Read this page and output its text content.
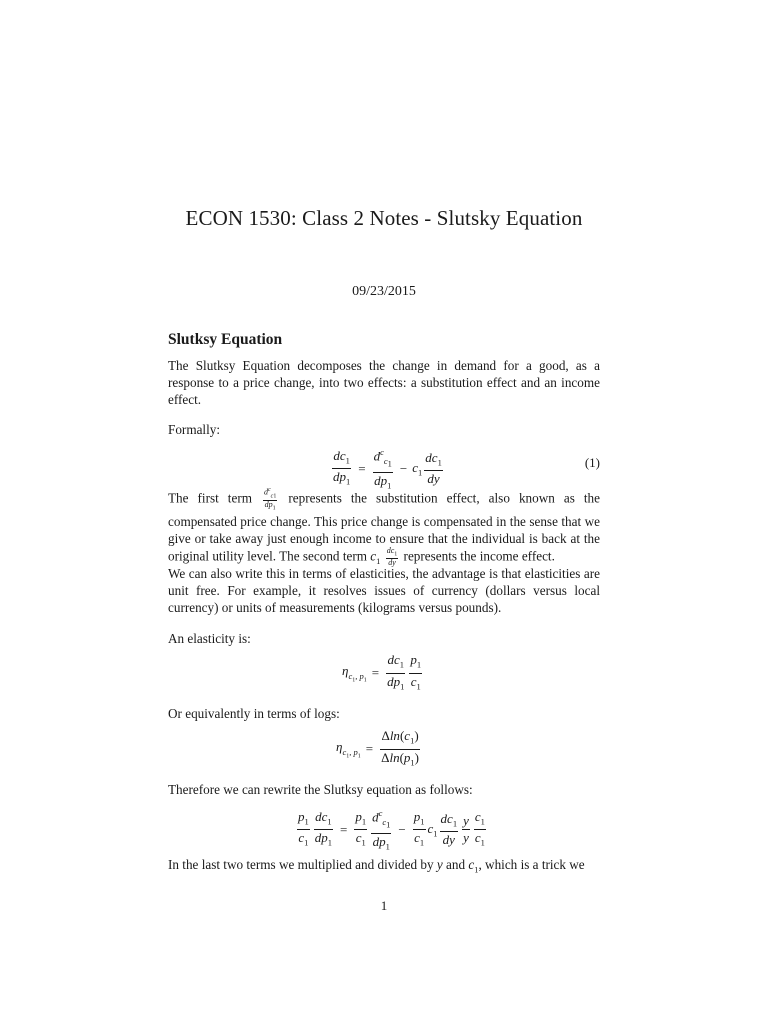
ECON 1530: Class 2 Notes - Slutsky Equation
09/23/2015
Slutksy Equation
The Slutksy Equation decomposes the change in demand for a good, as a response to a price change, into two effects: a substitution effect and an income effect.
Formally:
$\frac{dc_1}{dp_1} = \frac{d^c_{c_1}}{dp_1} - c_1 \frac{dc_1}{dy}$	(1)
The first term $\frac{d^c_{c1}}{dp_1}$ represents the substitution effect, also known as the compensated price change. This price change is compensated in the sense that we give or take away just enough income to ensure that the individual is back at the original utility level. The second term $c_1 \frac{dc_1}{dy}$ represents the income effect.
We can also write this in terms of elasticities, the advantage is that elasticities are unit free. For example, it resolves issues of currency (dollars versus local currency) or units of measurements (kilograms versus pounds).
An elasticity is:
$\eta_{c_1, p_1}$
= $\frac{dc_1}{dp_1} \frac{p_1}{c_1}$
Or equivalently in terms of logs:
$\eta_{c_1, p_1}$
= $\frac{\Delta\ln(c_1)}{\Delta\ln(p_1)}$
Therefore we can rewrite the Slutksy equation as follows:
$\frac{p_1}{c_1} \frac{dc_1}{dp_1} = \frac{p_1}{c_1} \frac{d^c_{c_1}}{dp_1} - \frac{p_1}{c_1} c_1 \frac{dc_1}{dy} \frac{y}{y} \frac{c_1}{c_1}$
In the last two terms we multiplied and divided by y and $c_1$, which is a trick we
1
